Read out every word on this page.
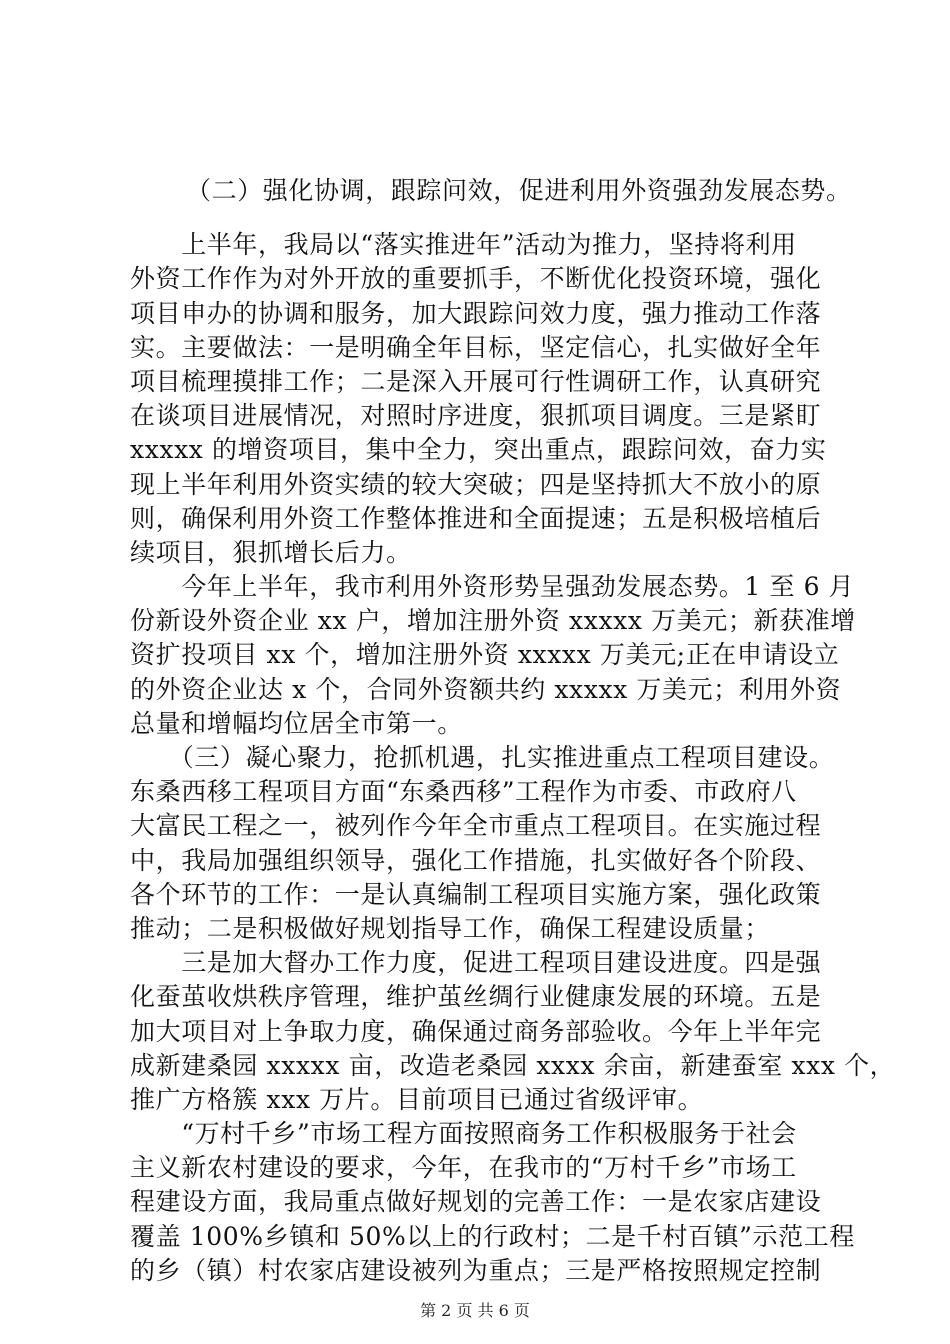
（二）强化协调，跟踪问效，促进利用外资强劲发展态势。
　　上半年，我局以“落实推进年”活动为推力，坚持将利用
外资工作作为对外开放的重要抓手，不断优化投资环境，强化
项目申办的协调和服务，加大跟踪问效力度，强力推动工作落
实。主要做法：一是明确全年目标，坚定信心，扎实做好全年
项目梳理摸排工作；二是深入开展可行性调研工作，认真研究
在谈项目进展情况，对照时序进度，狠抓项目调度。三是紧盯
xxxxx 的增资项目，集中全力，突出重点，跟踪问效，奋力实
现上半年利用外资实绩的较大突破；四是坚持抓大不放小的原
则，确保利用外资工作整体推进和全面提速；五是积极培植后
续项目，狠抓增长后力。
　　今年上半年，我市利用外资形势呈强劲发展态势。1 至 6 月
份新设外资企业 xx 户，增加注册外资 xxxxx 万美元；新获准增
资扩投项目 xx 个，增加注册外资 xxxxx 万美元;正在申请设立
的外资企业达 x 个，合同外资额共约 xxxxx 万美元；利用外资
总量和增幅均位居全市第一。
　　（三）凝心聚力，抢抓机遇，扎实推进重点工程项目建设。
东桑西移工程项目方面“东桑西移”工程作为市委、市政府八
大富民工程之一，被列作今年全市重点工程项目。在实施过程
中，我局加强组织领导，强化工作措施，扎实做好各个阶段、
各个环节的工作：一是认真编制工程项目实施方案，强化政策
推动；二是积极做好规划指导工作，确保工程建设质量；
　　三是加大督办工作力度，促进工程项目建设进度。四是强
化蚕茧收烘秩序管理，维护茧丝绸行业健康发展的环境。五是
加大项目对上争取力度，确保通过商务部验收。今年上半年完
成新建桑园 xxxxx 亩，改造老桑园 xxxx 余亩，新建蚕室 xxx 个，
推广方格簇 xxx 万片。目前项目已通过省级评审。
　　“万村千乡”市场工程方面按照商务工作积极服务于社会
主义新农村建设的要求，今年，在我市的“万村千乡”市场工
程建设方面，我局重点做好规划的完善工作：一是农家店建设
覆盖 100%乡镇和 50%以上的行政村；二是千村百镇”示范工程
的乡（镇）村农家店建设被列为重点；三是严格按照规定控制
第 2 页 共 6 页
